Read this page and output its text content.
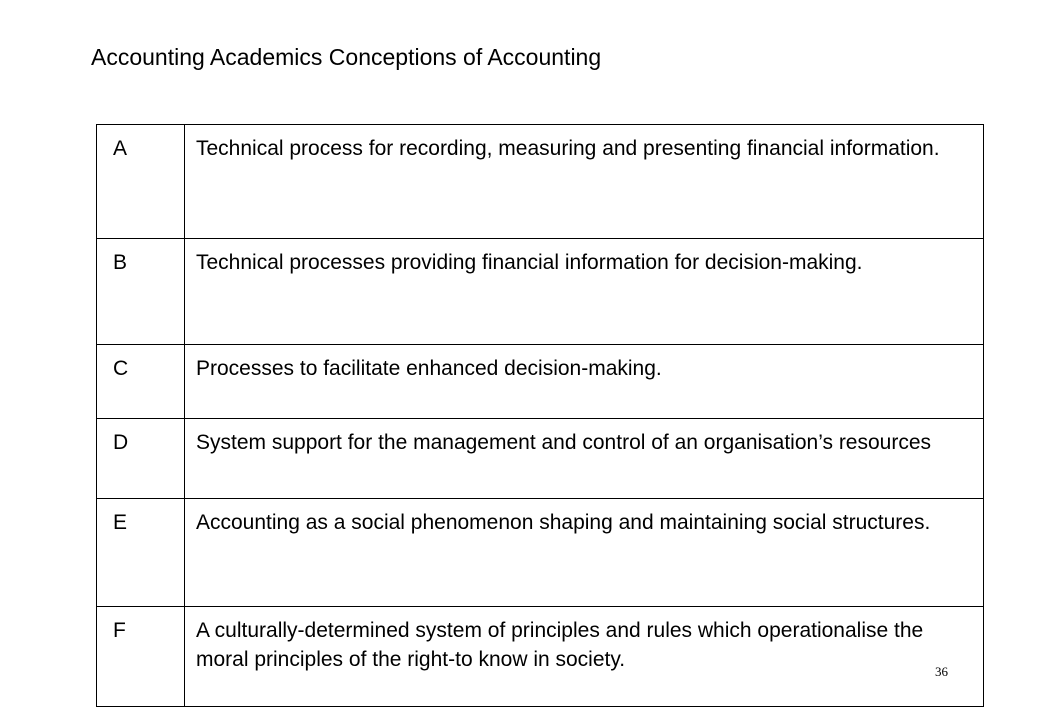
Accounting Academics Conceptions of Accounting
A	Technical process for recording, measuring and presenting financial information.
B	Technical processes providing financial information for decision-making.
C	Processes to facilitate enhanced decision-making.
D	System support for the management and control of an organisation’s resources
E	Accounting as a social phenomenon shaping and maintaining social structures.
F	A culturally-determined system of principles and rules which operationalise the moral principles of the right-to know in society.
36
